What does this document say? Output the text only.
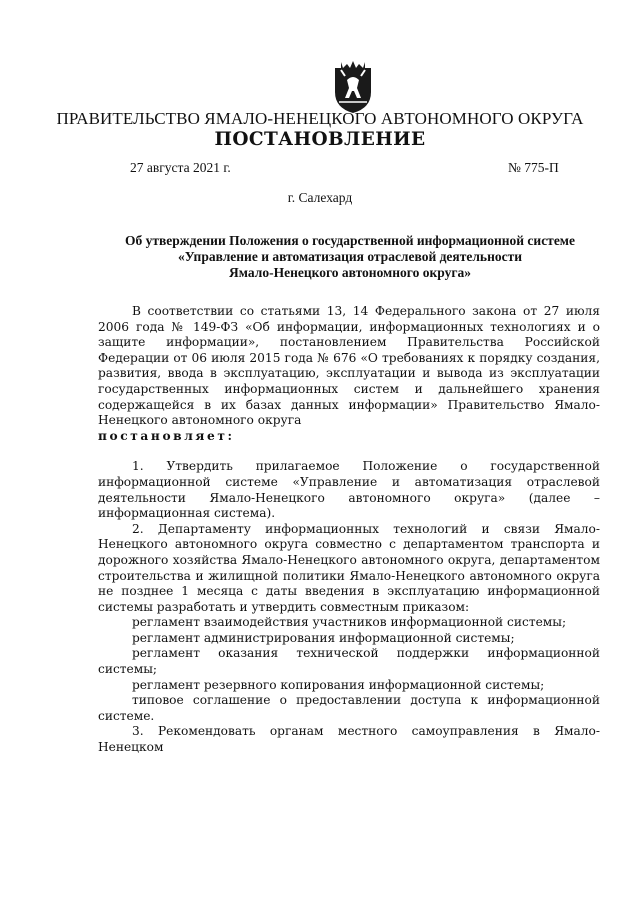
ПРАВИТЕЛЬСТВО ЯМАЛО-НЕНЕЦКОГО АВТОНОМНОГО ОКРУГА
ПОСТАНОВЛЕНИЕ
27 августа 2021 г.	№ 775-П
г. Салехард
Об утверждении Положения о государственной информационной системе
«Управление и автоматизация отраслевой деятельности
Ямало-Ненецкого автономного округа»

В соответствии со статьями 13, 14 Федерального закона от 27 июля 2006 года № 149-ФЗ «Об информации, информационных технологиях и о защите информации», постановлением Правительства Российской Федерации от 06 июля 2015 года № 676 «О требованиях к порядку создания, развития, ввода в эксплуатацию, эксплуатации и вывода из эксплуатации государственных информационных систем и дальнейшего хранения содержащейся в их базах данных информации» Правительство Ямало-Ненецкого автономного округа
постановляет:

1. Утвердить прилагаемое Положение о государственной информационной системе «Управление и автоматизация отраслевой деятельности Ямало-Ненецкого автономного округа» (далее – информационная система).

2. Департаменту информационных технологий и связи Ямало-Ненецкого автономного округа совместно с департаментом транспорта и дорожного хозяйства Ямало-Ненецкого автономного округа, департаментом строительства и жилищной политики Ямало-Ненецкого автономного округа не позднее 1 месяца с даты введения в эксплуатацию информационной системы разработать и утвердить совместным приказом:

регламент взаимодействия участников информационной системы;

регламент администрирования информационной системы;

регламент оказания технической поддержки информационной системы;

регламент резервного копирования информационной системы;

типовое соглашение о предоставлении доступа к информационной системе.

3. Рекомендовать органам местного самоуправления в Ямало-Ненецком
